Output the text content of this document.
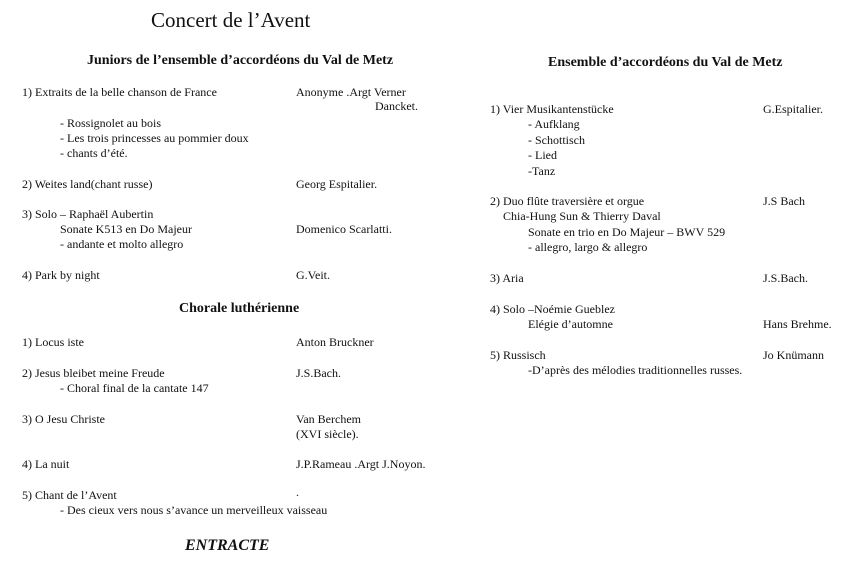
Concert de l’Avent
Juniors de l’ensemble d’accordéons du Val de Metz
1) Extraits de la belle chanson de France	Anonyme .Argt Verner
Dancket.
- Rossignolet au bois
- Les trois princesses au pommier doux
- chants d’été.
2) Weites land(chant russe)	Georg Espitalier.
3) Solo – Raphaël Aubertin
Sonate K513 en Do Majeur	Domenico Scarlatti.
- andante et molto allegro
4) Park by night	G.Veit.
Chorale luthérienne
1) Locus iste	Anton Bruckner
2) Jesus bleibet meine Freude	J.S.Bach.
- Choral final de la cantate 147
3) O Jesu Christe	Van Berchem
(XVI siècle).
4) La nuit	J.P.Rameau .Argt J.Noyon.
5) Chant de l’Avent	.
- Des cieux vers nous s’avance un merveilleux vaisseau
ENTRACTE
Ensemble d’accordéons du Val de Metz
1) Vier Musikantenstücke	G.Espitalier.
- Aufklang
- Schottisch
- Lied
-Tanz
2) Duo flûte traversière et orgue	J.S Bach
Chia-Hung Sun & Thierry Daval
Sonate en trio en Do Majeur – BWV 529
- allegro, largo & allegro
3) Aria	J.S.Bach.
4) Solo –Noémie Gueblez
Elégie d’automne	Hans Brehme.
5) Russisch	Jo Knümann
-D’après des mélodies traditionnelles russes.
